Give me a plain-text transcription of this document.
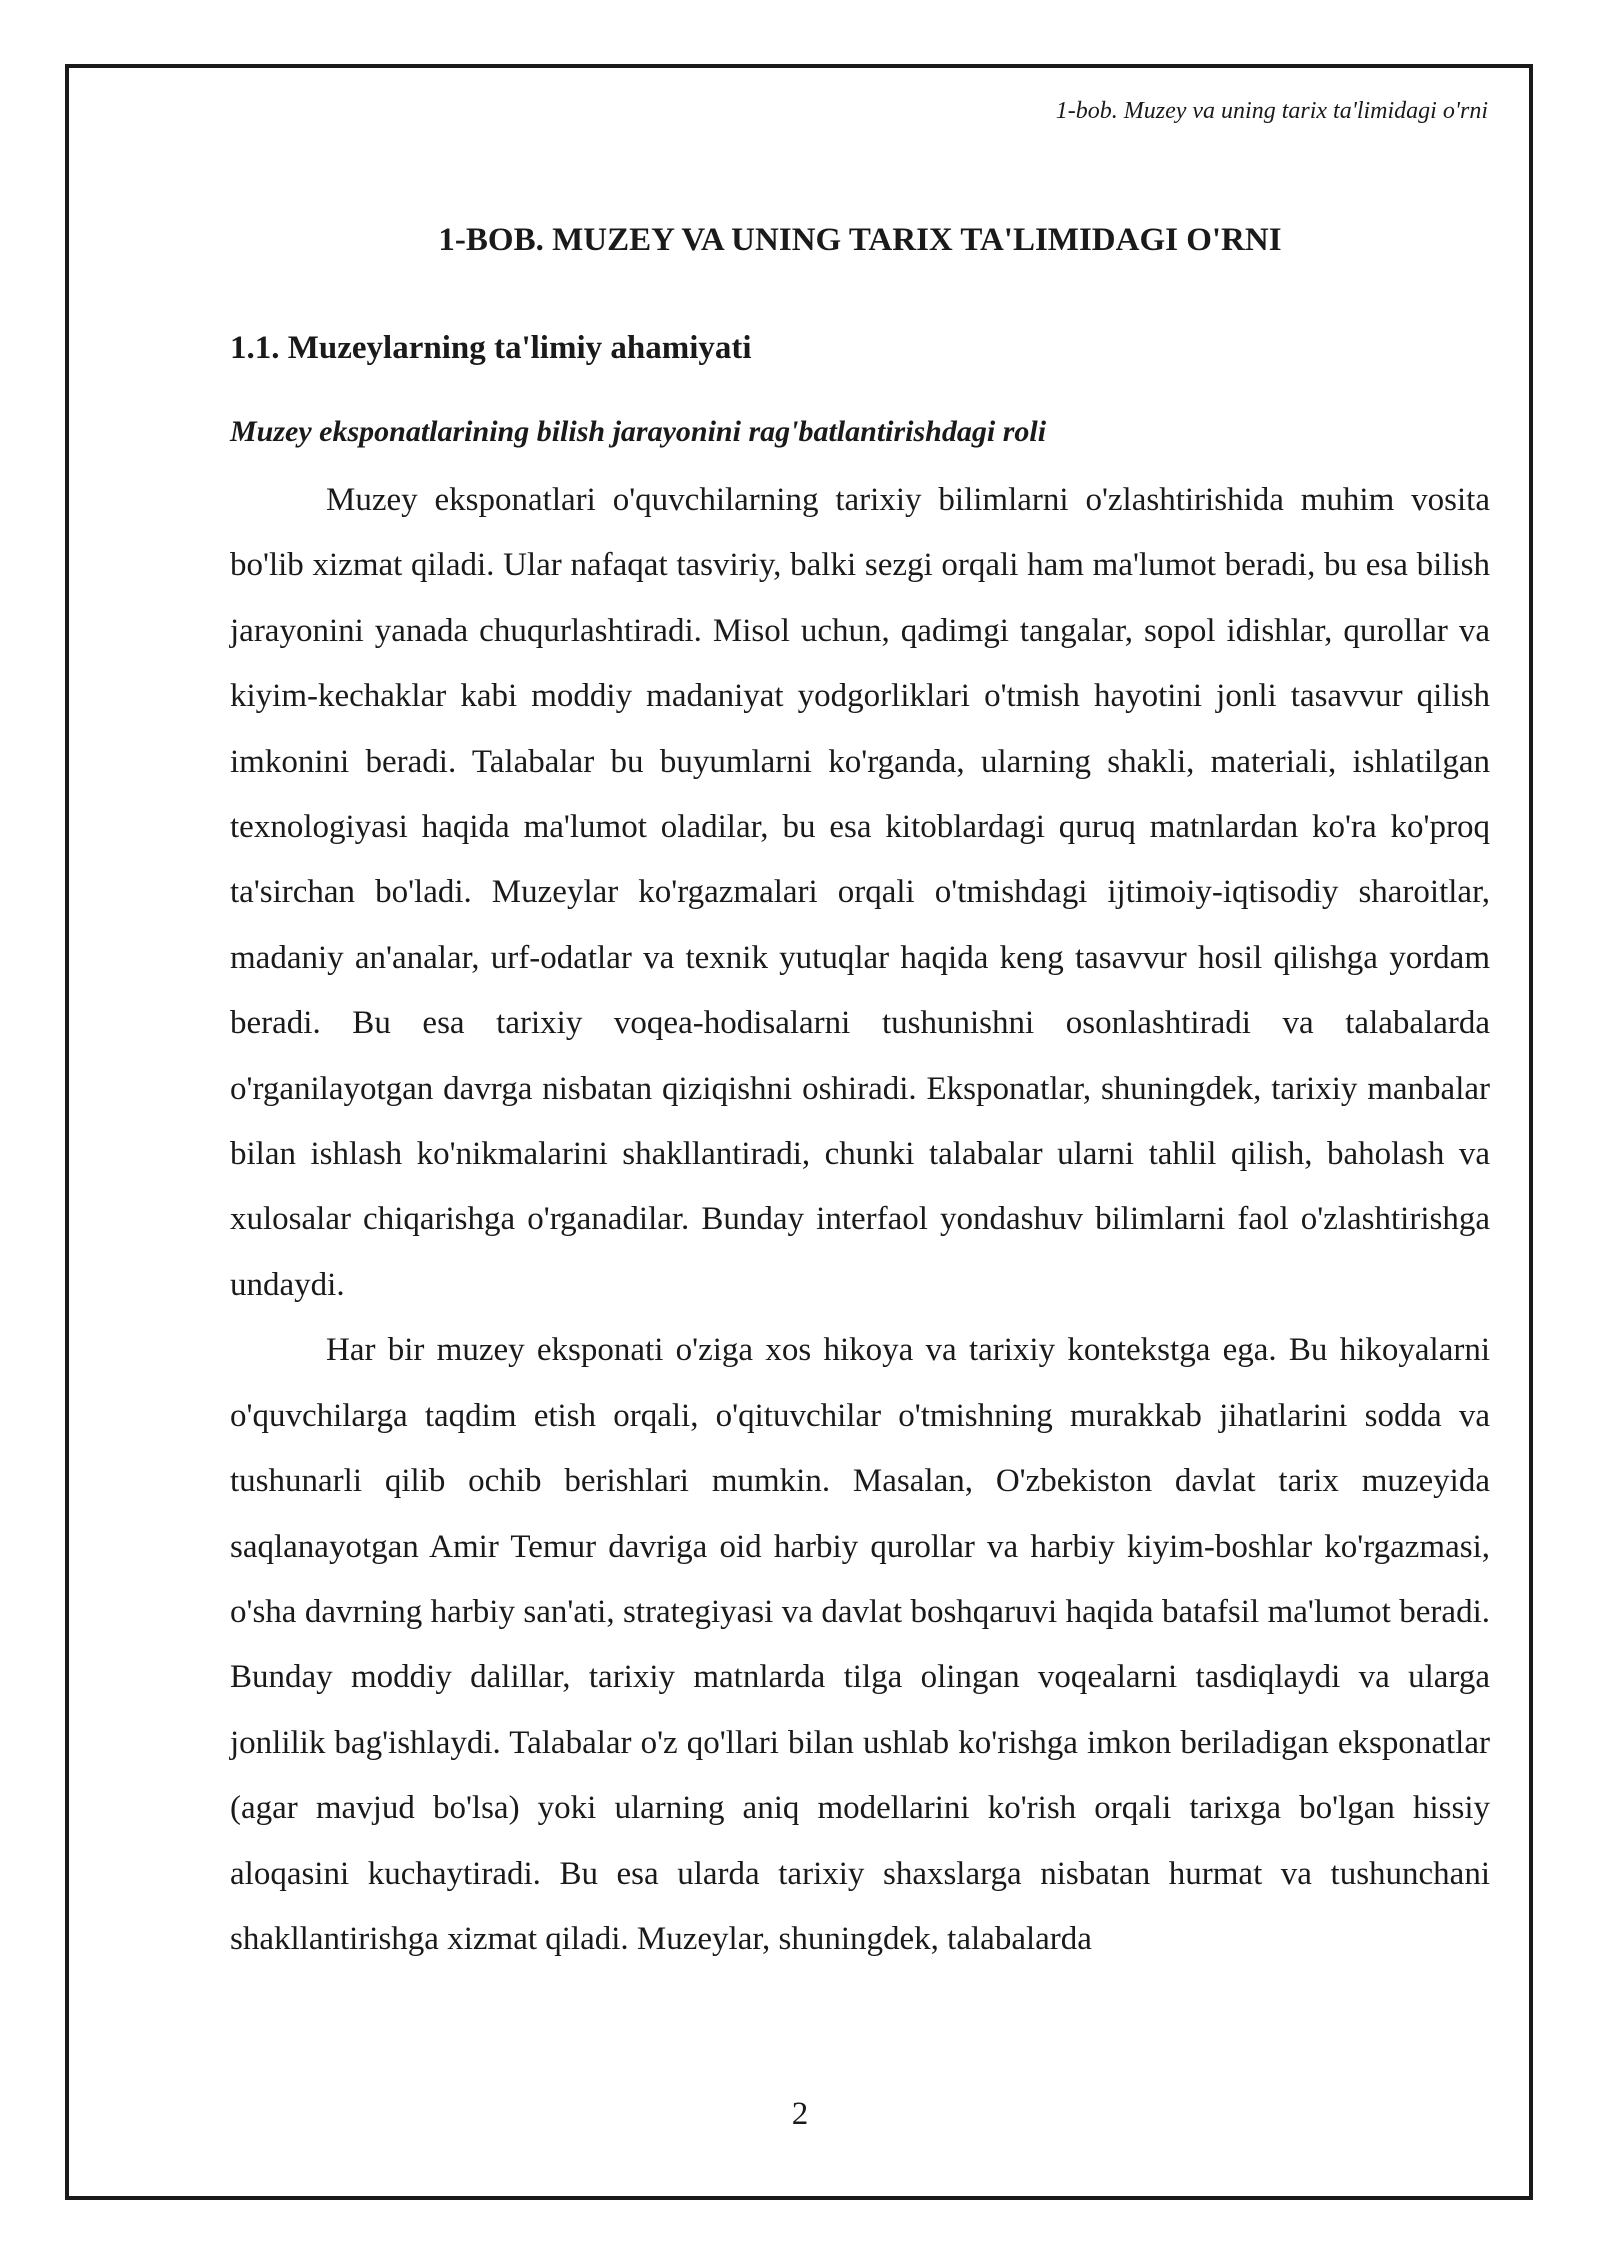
1-bob. Muzey va uning tarix ta'limidagi o'rni
1-BOB. MUZEY VA UNING TARIX TA'LIMIDAGI O'RNI
1.1. Muzeylarning ta'limiy ahamiyati
Muzey eksponatlarining bilish jarayonini rag'batlantirishdagi roli

Muzey eksponatlari o'quvchilarning tarixiy bilimlarni o'zlashtirishida muhim vosita bo'lib xizmat qiladi. Ular nafaqat tasviriy, balki sezgi orqali ham ma'lumot beradi, bu esa bilish jarayonini yanada chuqurlashtiradi. Misol uchun, qadimgi tangalar, sopol idishlar, qurollar va kiyim-kechaklar kabi moddiy madaniyat yodgorliklari o'tmish hayotini jonli tasavvur qilish imkonini beradi. Talabalar bu buyumlarni ko'rganda, ularning shakli, materiali, ishlatilgan texnologiyasi haqida ma'lumot oladilar, bu esa kitoblardagi quruq matnlardan ko'ra ko'proq ta'sirchan bo'ladi. Muzeylar ko'rgazmalari orqali o'tmishdagi ijtimoiy-iqtisodiy sharoitlar, madaniy an'analar, urf-odatlar va texnik yutuqlar haqida keng tasavvur hosil qilishga yordam beradi. Bu esa tarixiy voqea-hodisalarni tushunishni osonlashtiradi va talabalarda o'rganilayotgan davrga nisbatan qiziqishni oshiradi. Eksponatlar, shuningdek, tarixiy manbalar bilan ishlash ko'nikmalarini shakllantiradi, chunki talabalar ularni tahlil qilish, baholash va xulosalar chiqarishga o'rganadilar. Bunday interfaol yondashuv bilimlarni faol o'zlashtirishga undaydi.

Har bir muzey eksponati o'ziga xos hikoya va tarixiy kontekstga ega. Bu hikoyalarni o'quvchilarga taqdim etish orqali, o'qituvchilar o'tmishning murakkab jihatlarini sodda va tushunarli qilib ochib berishlari mumkin. Masalan, O'zbekiston davlat tarix muzeyida saqlanayotgan Amir Temur davriga oid harbiy qurollar va harbiy kiyim-boshlar ko'rgazmasi, o'sha davrning harbiy san'ati, strategiyasi va davlat boshqaruvi haqida batafsil ma'lumot beradi. Bunday moddiy dalillar, tarixiy matnlarda tilga olingan voqealarni tasdiqlaydi va ularga jonlilik bag'ishlaydi. Talabalar o'z qo'llari bilan ushlab ko'rishga imkon beriladigan eksponatlar (agar mavjud bo'lsa) yoki ularning aniq modellarini ko'rish orqali tarixga bo'lgan hissiy aloqasini kuchaytiradi. Bu esa ularda tarixiy shaxslarga nisbatan hurmat va tushunchani shakllantirishga xizmat qiladi. Muzeylar, shuningdek, talabalarda

2
